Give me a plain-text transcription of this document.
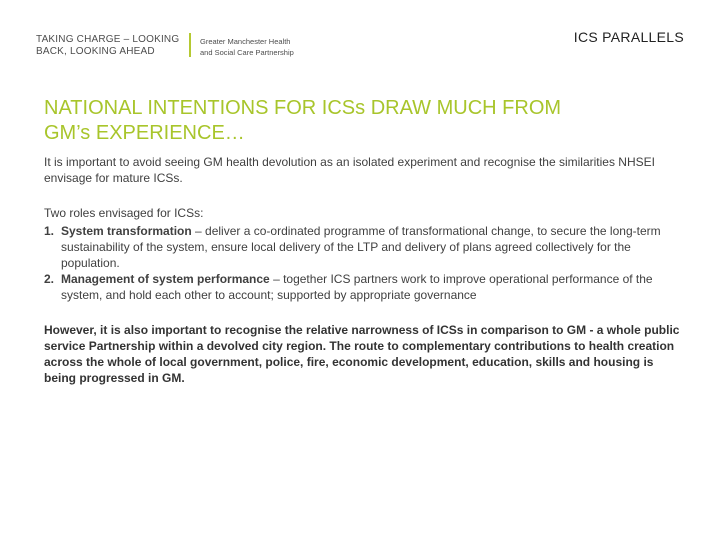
TAKING CHARGE – LOOKING
BACK, LOOKING AHEAD
Greater Manchester Health
and Social Care Partnership
ICS PARALLELS
NATIONAL INTENTIONS FOR ICSs DRAW MUCH FROM
GM’s EXPERIENCE…

It is important to avoid seeing GM health devolution as an isolated experiment and recognise the similarities NHSEI envisage for mature ICSs.

Two roles envisaged for ICSs:

1. System transformation – deliver a co-ordinated programme of transformational change, to secure the long-term sustainability of the system, ensure local delivery of the LTP and delivery of plans agreed collectively for the population.
2. Management of system performance – together ICS partners work to improve operational performance of the system, and hold each other to account; supported by appropriate governance

However, it is also important to recognise the relative narrowness of ICSs in comparison to GM - a whole public service Partnership within a devolved city region. The route to complementary contributions to health creation across the whole of local government, police, fire, economic development, education, skills and housing is being progressed in GM.
